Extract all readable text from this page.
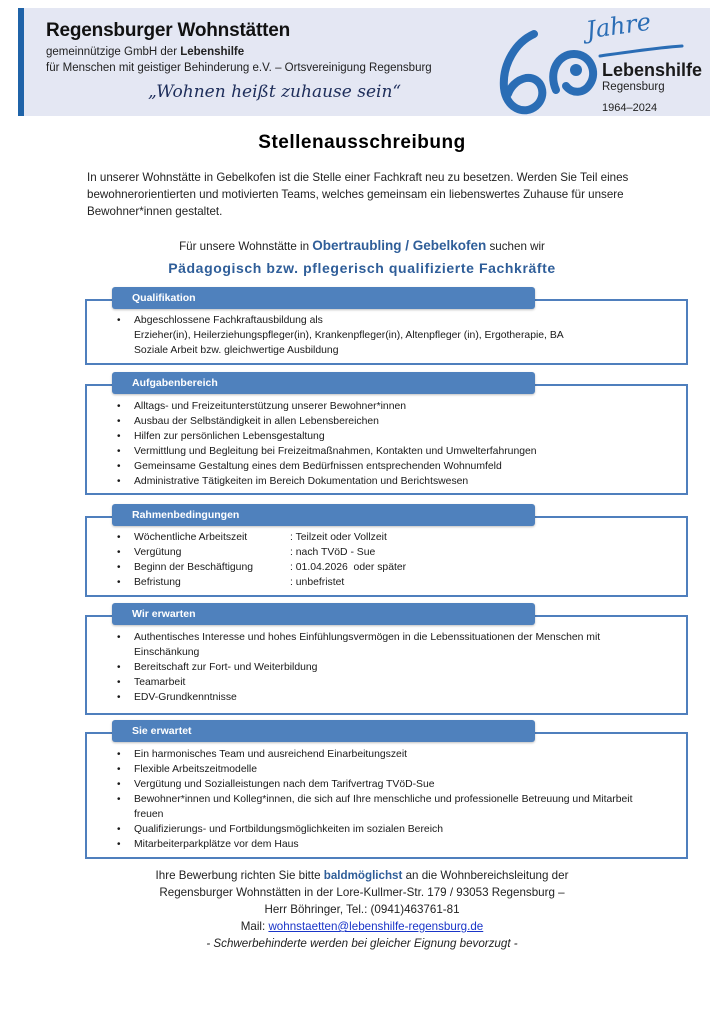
Regensburger Wohnstätten
gemeinnützige GmbH der Lebenshilfe
für Menschen mit geistiger Behinderung e.V. – Ortsvereinigung Regensburg
„Wohnen heißt zuhause sein“
Jahre
Lebenshilfe
Regensburg
1964–2024
Stellenausschreibung
In unserer Wohnstätte in Gebelkofen ist die Stelle einer Fachkraft neu zu besetzen. Werden Sie Teil eines bewohnerorientierten und motivierten Teams, welches gemeinsam ein liebenswertes Zuhause für unsere Bewohner*innen gestaltet.
Für unsere Wohnstätte in Obertraubling / Gebelkofen suchen wir
Pädagogisch bzw. pflegerisch qualifizierte Fachkräfte
Qualifikation
• Abgeschlossene Fachkraftausbildung als
Erzieher(in), Heilerziehungspfleger(in), Krankenpfleger(in), Altenpfleger (in), Ergotherapie, BA
Soziale Arbeit bzw. gleichwertige Ausbildung
Aufgabenbereich
• Alltags- und Freizeitunterstützung unserer Bewohner*innen
• Ausbau der Selbständigkeit in allen Lebensbereichen
• Hilfen zur persönlichen Lebensgestaltung
• Vermittlung und Begleitung bei Freizeitmaßnahmen, Kontakten und Umwelterfahrungen
• Gemeinsame Gestaltung eines dem Bedürfnissen entsprechenden Wohnumfeld
• Administrative Tätigkeiten im Bereich Dokumentation und Berichtswesen
Rahmenbedingungen
• Wöchentliche Arbeitszeit	: Teilzeit oder Vollzeit
• Vergütung	: nach TVöD - Sue
• Beginn der Beschäftigung	: 01.04.2026  oder später
• Befristung	: unbefristet
Wir erwarten
• Authentisches Interesse und hohes Einfühlungsvermögen in die Lebenssituationen der Menschen mit Einschänkung
• Bereitschaft zur Fort- und Weiterbildung
• Teamarbeit
• EDV-Grundkenntnisse
Sie erwartet
• Ein harmonisches Team und ausreichend Einarbeitungszeit
• Flexible Arbeitszeitmodelle
• Vergütung und Sozialleistungen nach dem Tarifvertrag TVöD-Sue
• Bewohner*innen und Kolleg*innen, die sich auf Ihre menschliche und professionelle Betreuung und Mitarbeit freuen
• Qualifizierungs- und Fortbildungsmöglichkeiten im sozialen Bereich
• Mitarbeiterparkplätze vor dem Haus
Ihre Bewerbung richten Sie bitte baldmöglichst an die Wohnbereichsleitung der
Regensburger Wohnstätten in der Lore-Kullmer-Str. 179 / 93053 Regensburg –
Herr Böhringer, Tel.: (0941)463761-81
Mail: wohnstaetten@lebenshilfe-regensburg.de
- Schwerbehinderte werden bei gleicher Eignung bevorzugt -
